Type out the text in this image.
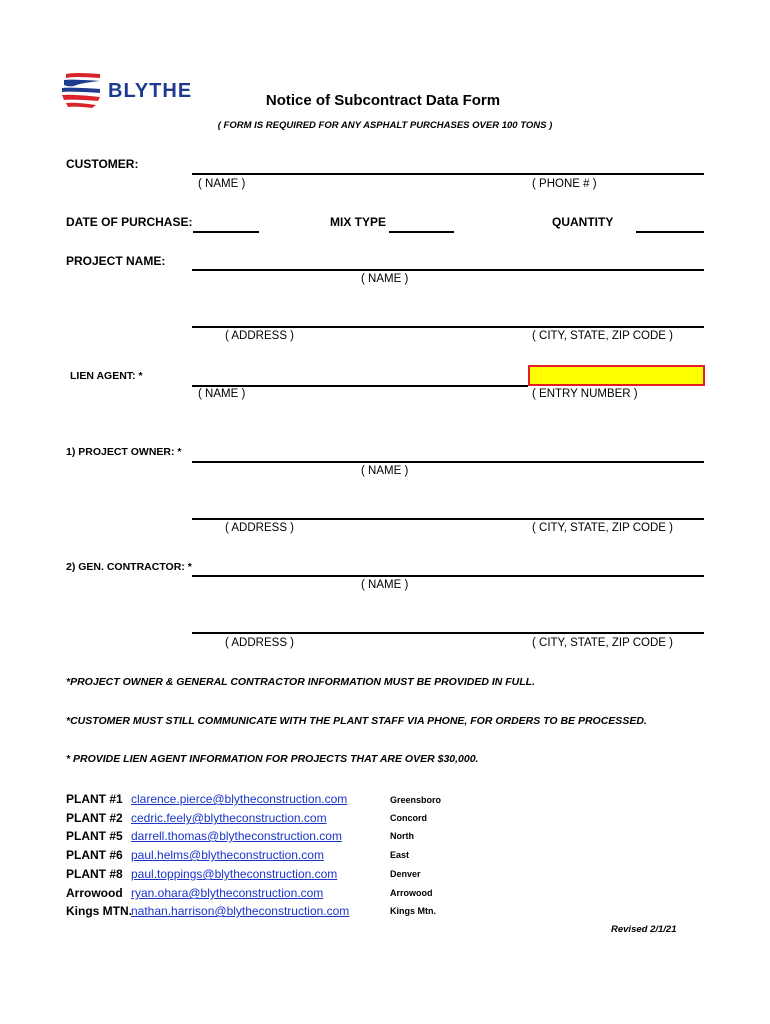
BLYTHE	Notice of Subcontract Data Form
( FORM IS REQUIRED FOR ANY ASPHALT PURCHASES OVER 100 TONS )
CUSTOMER:
( NAME )	( PHONE # )
DATE OF PURCHASE:	MIX TYPE	QUANTITY
PROJECT NAME:
( NAME )
( ADDRESS )	( CITY, STATE, ZIP CODE )
LIEN AGENT: *
( NAME )	( ENTRY NUMBER )
1) PROJECT OWNER: *
( NAME )
( ADDRESS )	( CITY, STATE, ZIP CODE )
2) GEN. CONTRACTOR: *
( NAME )
( ADDRESS )	( CITY, STATE, ZIP CODE )
*PROJECT OWNER & GENERAL CONTRACTOR INFORMATION MUST BE PROVIDED IN FULL.
*CUSTOMER MUST STILL COMMUNICATE WITH THE PLANT STAFF VIA PHONE, FOR ORDERS TO BE PROCESSED.
* PROVIDE LIEN AGENT INFORMATION FOR PROJECTS THAT ARE OVER $30,000.
PLANT #1 clarence.pierce@blytheconstruction.com	Greensboro
PLANT #2 cedric.feely@blytheconstruction.com	Concord
PLANT #5 darrell.thomas@blytheconstruction.com	North
PLANT #6 paul.helms@blytheconstruction.com	East
PLANT #8 paul.toppings@blytheconstruction.com	Denver
Arrowood ryan.ohara@blytheconstruction.com	Arrowood
Kings MTN. nathan.harrison@blytheconstruction.com	Kings Mtn.
Revised 2/1/21
